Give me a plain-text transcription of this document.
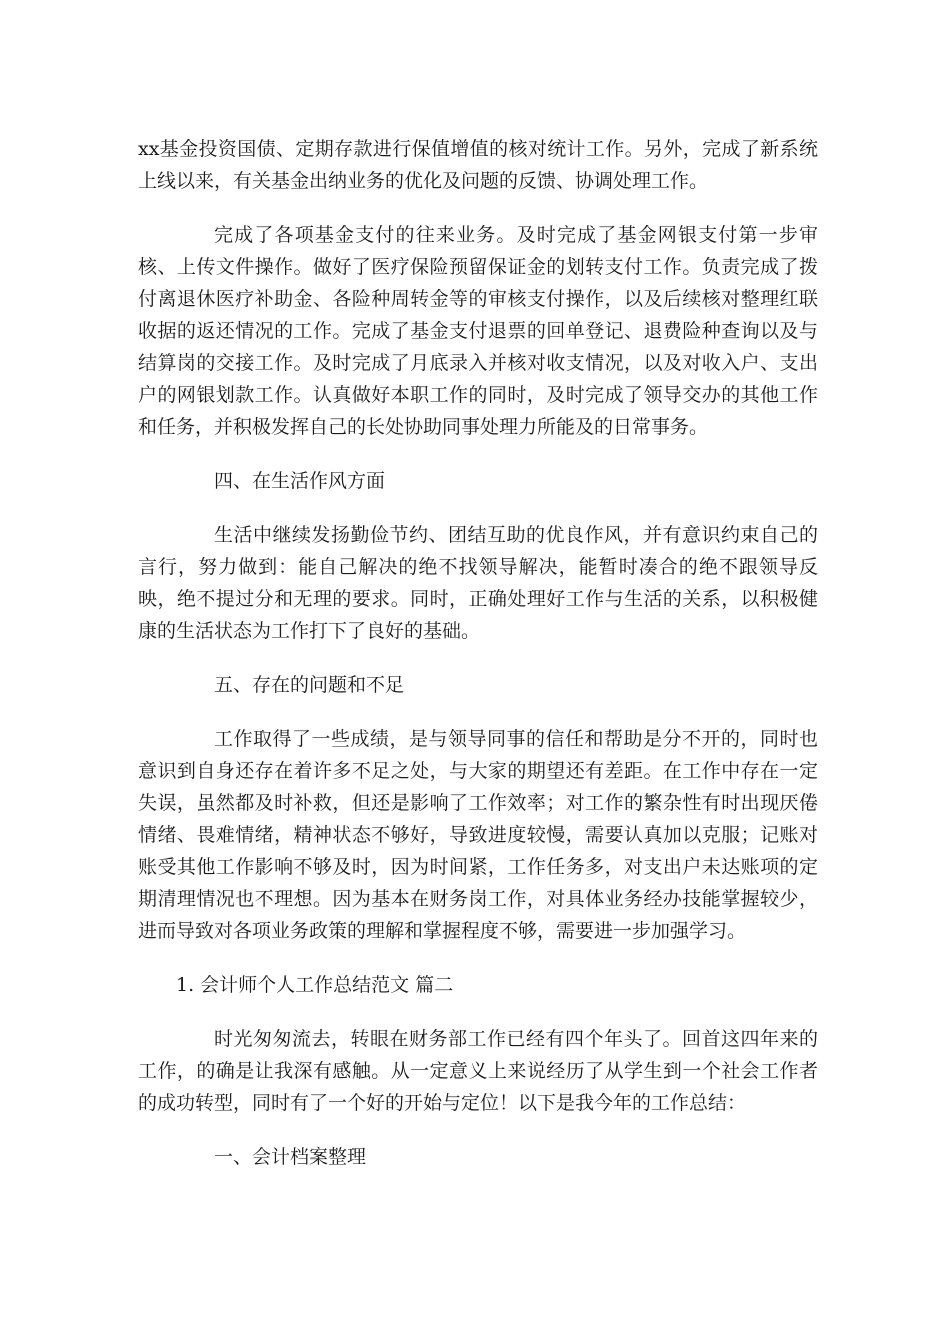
xx基金投资国债、定期存款进行保值增值的核对统计工作。另外，完成了新系统上线以来，有关基金出纳业务的优化及问题的反馈、协调处理工作。

完成了各项基金支付的往来业务。及时完成了基金网银支付第一步审核、上传文件操作。做好了医疗保险预留保证金的划转支付工作。负责完成了拨付离退休医疗补助金、各险种周转金等的审核支付操作，以及后续核对整理红联收据的返还情况的工作。完成了基金支付退票的回单登记、退费险种查询以及与结算岗的交接工作。及时完成了月底录入并核对收支情况，以及对收入户、支出户的网银划款工作。认真做好本职工作的同时，及时完成了领导交办的其他工作和任务，并积极发挥自己的长处协助同事处理力所能及的日常事务。

四、在生活作风方面

生活中继续发扬勤俭节约、团结互助的优良作风，并有意识约束自己的言行，努力做到：能自己解决的绝不找领导解决，能暂时凑合的绝不跟领导反映，绝不提过分和无理的要求。同时，正确处理好工作与生活的关系，以积极健康的生活状态为工作打下了良好的基础。

五、存在的问题和不足

工作取得了一些成绩，是与领导同事的信任和帮助是分不开的，同时也意识到自身还存在着许多不足之处，与大家的期望还有差距。在工作中存在一定失误，虽然都及时补救，但还是影响了工作效率；对工作的繁杂性有时出现厌倦情绪、畏难情绪，精神状态不够好，导致进度较慢，需要认真加以克服；记账对账受其他工作影响不够及时，因为时间紧，工作任务多，对支出户未达账项的定期清理情况也不理想。因为基本在财务岗工作，对具体业务经办技能掌握较少，进而导致对各项业务政策的理解和掌握程度不够，需要进一步加强学习。

1. 会计师个人工作总结范文 篇二

时光匆匆流去，转眼在财务部工作已经有四个年头了。回首这四年来的工作，的确是让我深有感触。从一定意义上来说经历了从学生到一个社会工作者的成功转型，同时有了一个好的开始与定位！以下是我今年的工作总结：

一、会计档案整理
